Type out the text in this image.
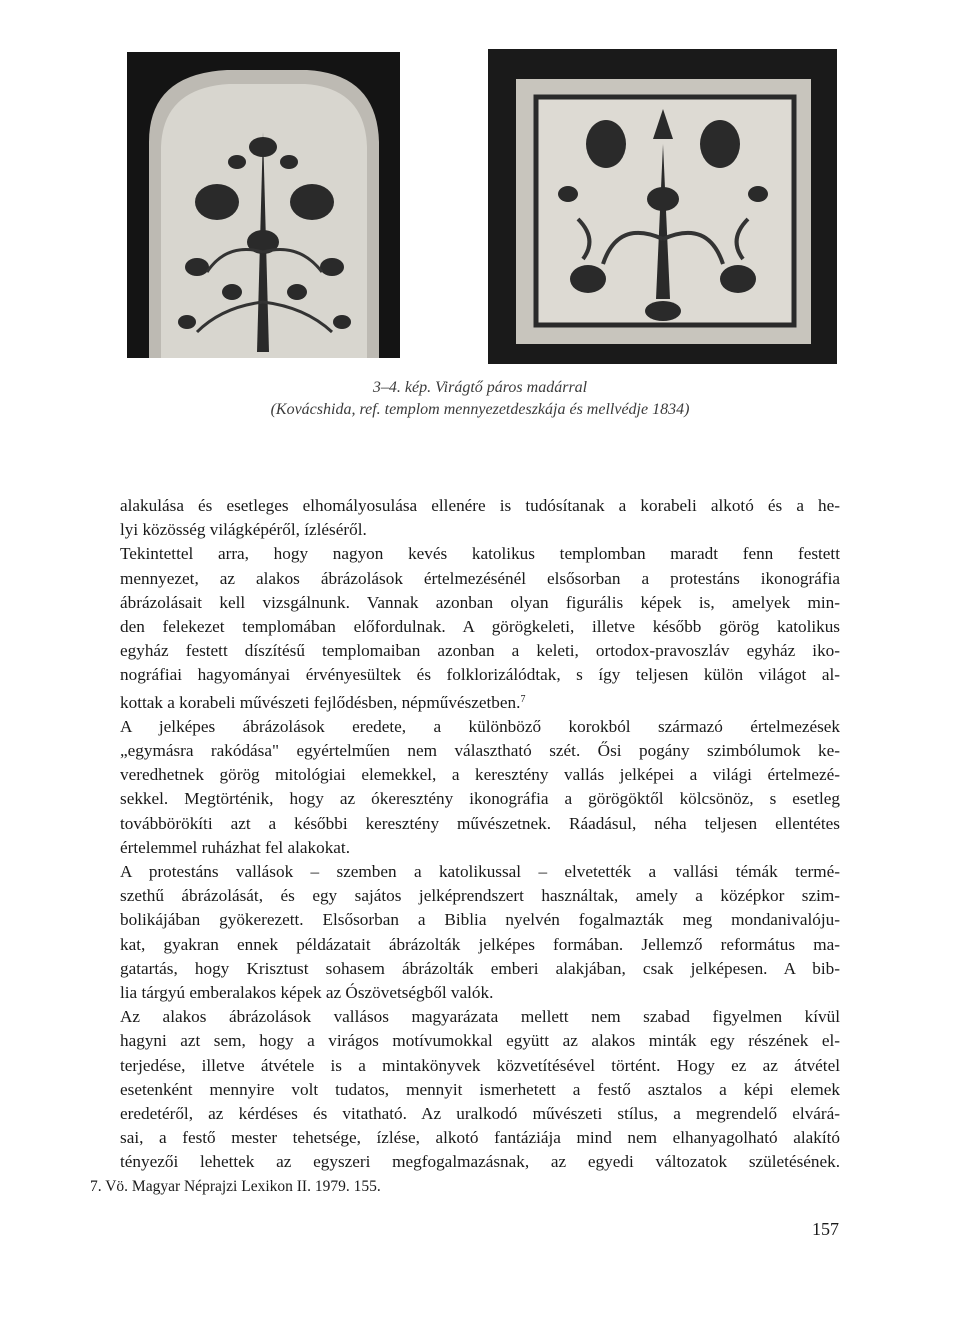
3–4. kép. Virágtő páros madárral
(Kovácshida, ref. templom mennyezetdeszkája és mellvédje 1834)

alakulása és esetleges elhomályosulása ellenére is tudósítanak a korabeli alkotó és a he-

lyi közösség világképéről, ízléséről.

Tekintettel arra, hogy nagyon kevés katolikus templomban maradt fenn festett

mennyezet, az alakos ábrázolások értelmezésénél elsősorban a protestáns ikonográfia

ábrázolásait kell vizsgálnunk. Vannak azonban olyan figurális képek is, amelyek min-

den felekezet templomában előfordulnak. A görögkeleti, illetve később görög katolikus

egyház festett díszítésű templomaiban azonban a keleti, ortodox-pravoszláv egyház iko-

nográfiai hagyományai érvényesültek és folklorizálódtak, s így teljesen külön világot al-

kottak a korabeli művészeti fejlődésben, népművészetben.$^7$

A jelképes ábrázolások eredete, a különböző korokból származó értelmezések

„egymásra rakódása" egyértelműen nem választható szét. Ősi pogány szimbólumok ke-

veredhetnek görög mitológiai elemekkel, a keresztény vallás jelképei a világi értelmezé-

sekkel. Megtörténik, hogy az ókeresztény ikonográfia a görögöktől kölcsönöz, s esetleg

továbbörökíti azt a későbbi keresztény művészetnek. Ráadásul, néha teljesen ellentétes

értelemmel ruházhat fel alakokat.

A protestáns vallások – szemben a katolikussal – elvetették a vallási témák termé-

szethű ábrázolását, és egy sajátos jelképrendszert használtak, amely a középkor szim-

bolikájában gyökerezett. Elsősorban a Biblia nyelvén fogalmazták meg mondanivalóju-

kat, gyakran ennek példázatait ábrázolták jelképes formában. Jellemző református ma-

gatartás, hogy Krisztust sohasem ábrázolták emberi alakjában, csak jelképesen. A bib-

lia tárgyú emberalakos képek az Ószövetségből valók.

Az alakos ábrázolások vallásos magyarázata mellett nem szabad figyelmen kívül

hagyni azt sem, hogy a virágos motívumokkal együtt az alakos minták egy részének el-

terjedése, illetve átvétele is a mintakönyvek közvetítésével történt. Hogy ez az átvétel

esetenként mennyire volt tudatos, mennyit ismerhetett a festő asztalos a képi elemek

eredetéről, az kérdéses és vitatható. Az uralkodó művészeti stílus, a megrendelő elvárá-

sai, a festő mester tehetsége, ízlése, alkotó fantáziája mind nem elhanyagolható alakító

tényezői lehettek az egyszeri megfogalmazásnak, az egyedi változatok születésének.

7. Vö. Magyar Néprajzi Lexikon II. 1979. 155.
157
